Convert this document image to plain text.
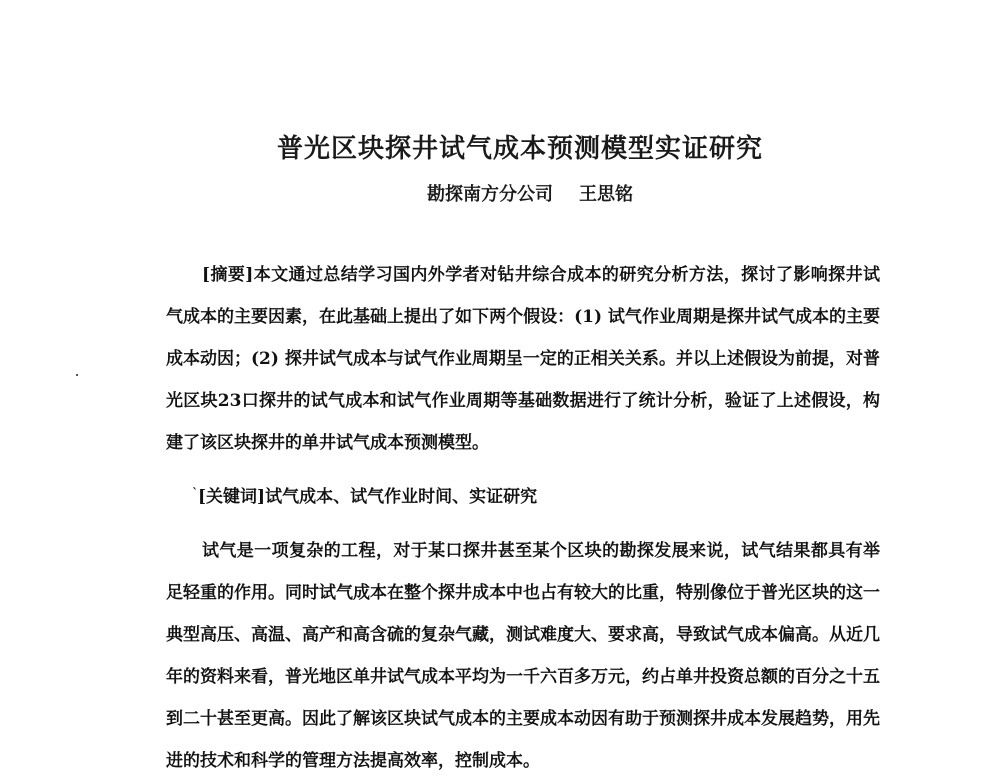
普光区块探井试气成本预测模型实证研究
勘探南方分公司 王思铭

[摘要]本文通过总结学习国内外学者对钻井综合成本的研究分析方法，探讨了影响探井试气成本的主要因素，在此基础上提出了如下两个假设：(1) 试气作业周期是探井试气成本的主要成本动因；(2) 探井试气成本与试气作业周期呈一定的正相关关系。并以上述假设为前提，对普光区块23口探井的试气成本和试气作业周期等基础数据进行了统计分析，验证了上述假设，构建了该区块探井的单井试气成本预测模型。

` [关键词]试气成本、试气作业时间、实证研究

试气是一项复杂的工程，对于某口探井甚至某个区块的勘探发展来说，试气结果都具有举足轻重的作用。同时试气成本在整个探井成本中也占有较大的比重，特别像位于普光区块的这一典型高压、高温、高产和高含硫的复杂气藏，测试难度大、要求高，导致试气成本偏高。从近几年的资料来看，普光地区单井试气成本平均为一千六百多万元，约占单井投资总额的百分之十五到二十甚至更高。因此了解该区块试气成本的主要成本动因有助于预测探井成本发展趋势，用先进的技术和科学的管理方法提高效率，控制成本。
